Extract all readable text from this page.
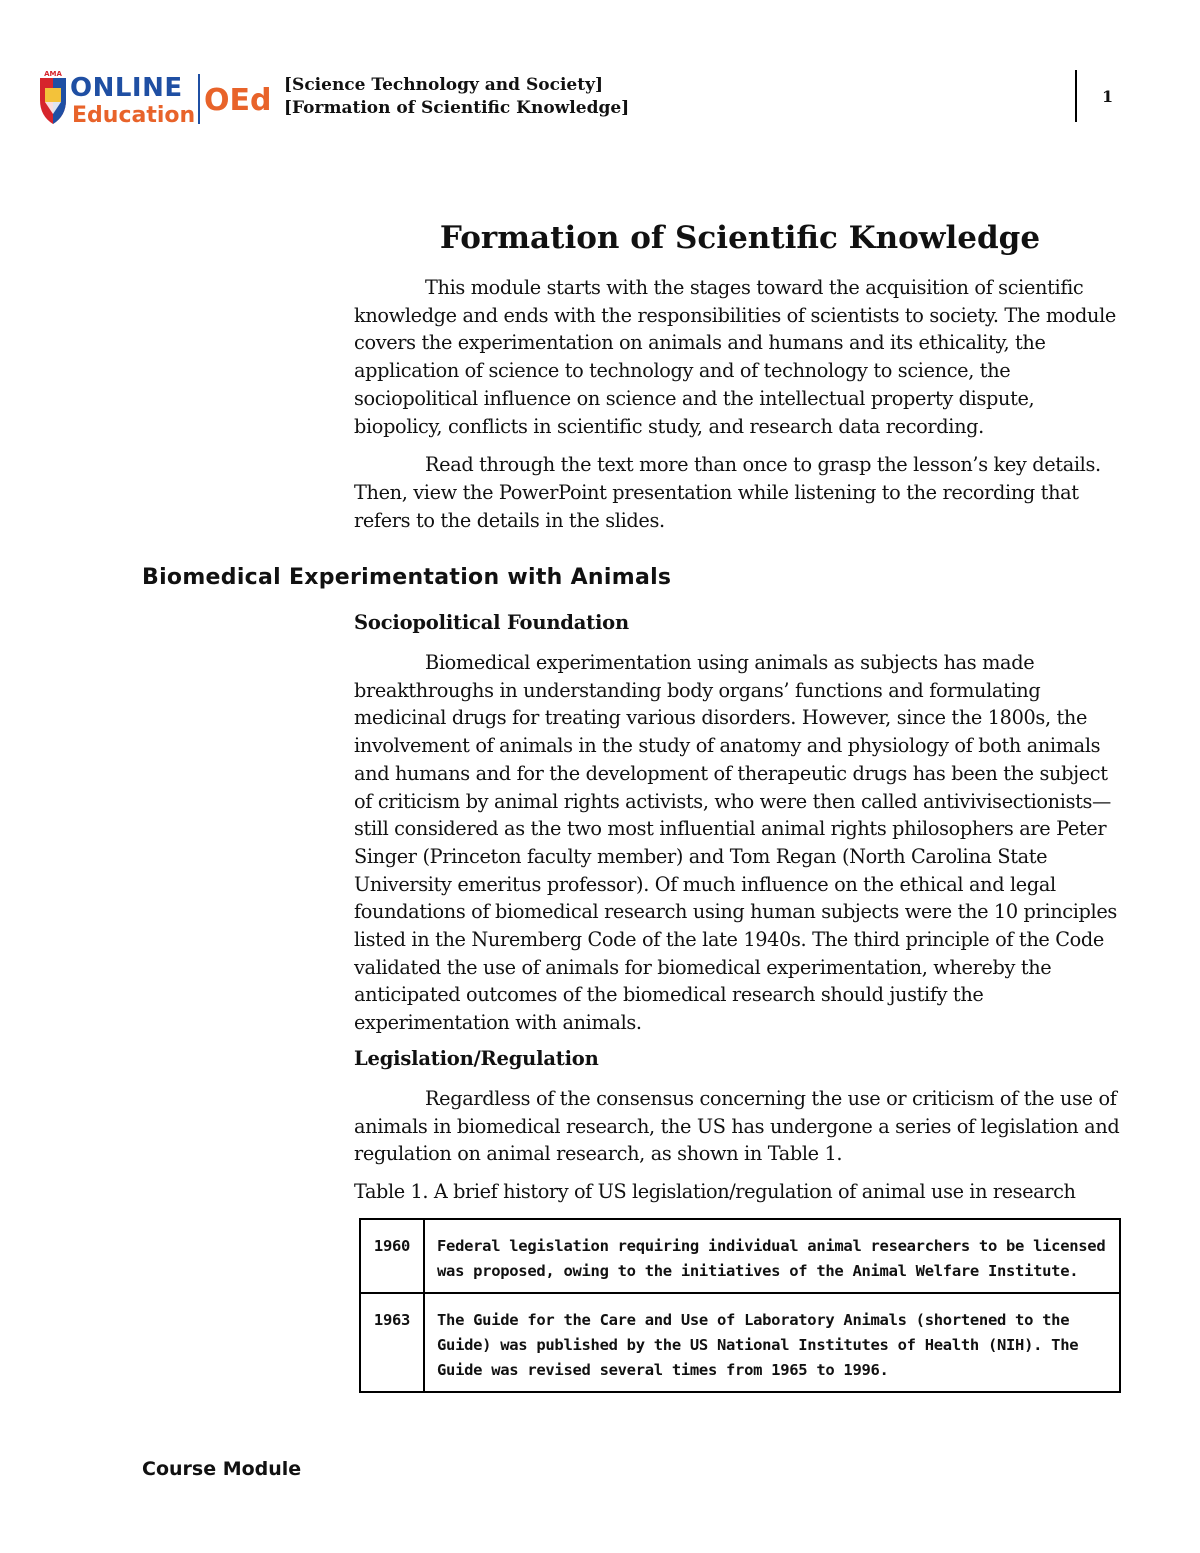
AMA ONLINE
Education OEd [Science Technology and Society]
[Formation of Scientific Knowledge]
1
Formation of Scientific Knowledge

This module starts with the stages toward the acquisition of scientific knowledge and ends with the responsibilities of scientists to society. The module covers the experimentation on animals and humans and its ethicality, the application of science to technology and of technology to science, the sociopolitical influence on science and the intellectual property dispute, biopolicy, conflicts in scientific study, and research data recording.

Read through the text more than once to grasp the lesson’s key details. Then, view the PowerPoint presentation while listening to the recording that refers to the details in the slides.

Biomedical Experimentation with Animals
Sociopolitical Foundation

Biomedical experimentation using animals as subjects has made breakthroughs in understanding body organs’ functions and formulating medicinal drugs for treating various disorders. However, since the 1800s, the involvement of animals in the study of anatomy and physiology of both animals and humans and for the development of therapeutic drugs has been the subject of criticism by animal rights activists, who were then called antivivisectionists—still considered as the two most influential animal rights philosophers are Peter Singer (Princeton faculty member) and Tom Regan (North Carolina State University emeritus professor). Of much influence on the ethical and legal foundations of biomedical research using human subjects were the 10 principles listed in the Nuremberg Code of the late 1940s. The third principle of the Code validated the use of animals for biomedical experimentation, whereby the anticipated outcomes of the biomedical research should justify the experimentation with animals.

Legislation/Regulation

Regardless of the consensus concerning the use or criticism of the use of animals in biomedical research, the US has undergone a series of legislation and regulation on animal research, as shown in Table 1.

Table 1. A brief history of US legislation/regulation of animal use in research

1960	Federal legislation requiring individual animal researchers to be licensed was proposed, owing to the initiatives of the Animal Welfare Institute.
1963	The Guide for the Care and Use of Laboratory Animals (shortened to the Guide) was published by the US National Institutes of Health (NIH). The Guide was revised several times from 1965 to 1996.

Course Module
